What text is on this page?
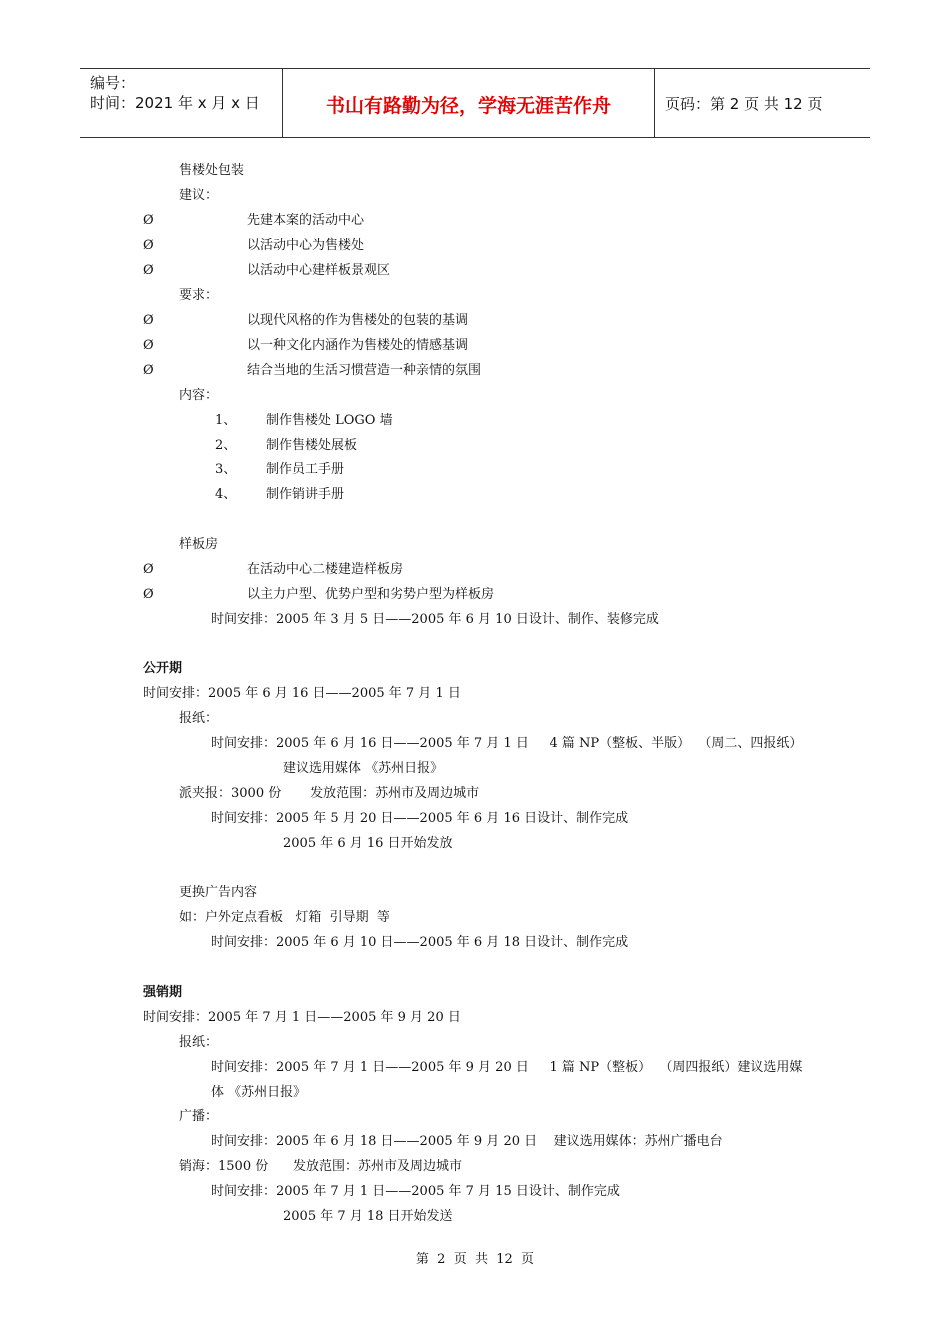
编号：
时间：2021 年 x 月 x 日	书山有路勤为径，学海无涯苦作舟	页码：第 2 页 共 12 页
售楼处包装
建议：
Ø	先建本案的活动中心
Ø	以活动中心为售楼处
Ø	以活动中心建样板景观区
要求：
Ø	以现代风格的作为售楼处的包装的基调
Ø	以一种文化内涵作为售楼处的情感基调
Ø	结合当地的生活习惯营造一种亲情的氛围
内容：
1、 制作售楼处 LOGO 墙
2、 制作售楼处展板
3、 制作员工手册
4、 制作销讲手册
样板房
Ø	在活动中心二楼建造样板房
Ø	以主力户型、优势户型和劣势户型为样板房
时间安排：2005 年 3 月 5 日——2005 年 6 月 10 日设计、制作、装修完成
公开期
时间安排：2005 年 6 月 16 日——2005 年 7 月 1 日
报纸：
时间安排：2005 年 6 月 16 日——2005 年 7 月 1 日     4 篇 NP（整板、半版）  （周二、四报纸）
建议选用媒体 《苏州日报》
派夹报：3000 份       发放范围：苏州市及周边城市
时间安排：2005 年 5 月 20 日——2005 年 6 月 16 日设计、制作完成
2005 年 6 月 16 日开始发放
更换广告内容
如：户外定点看板   灯箱  引导期  等
时间安排：2005 年 6 月 10 日——2005 年 6 月 18 日设计、制作完成
强销期
时间安排：2005 年 7 月 1 日——2005 年 9 月 20 日
报纸：
时间安排：2005 年 7 月 1 日——2005 年 9 月 20 日     1 篇 NP（整板）  （周四报纸）建议选用媒
体 《苏州日报》
广播：
时间安排：2005 年 6 月 18 日——2005 年 9 月 20 日    建议选用媒体：苏州广播电台
销海：1500 份      发放范围：苏州市及周边城市
时间安排：2005 年 7 月 1 日——2005 年 7 月 15 日设计、制作完成
2005 年 7 月 18 日开始发送
第  2  页  共  12  页
